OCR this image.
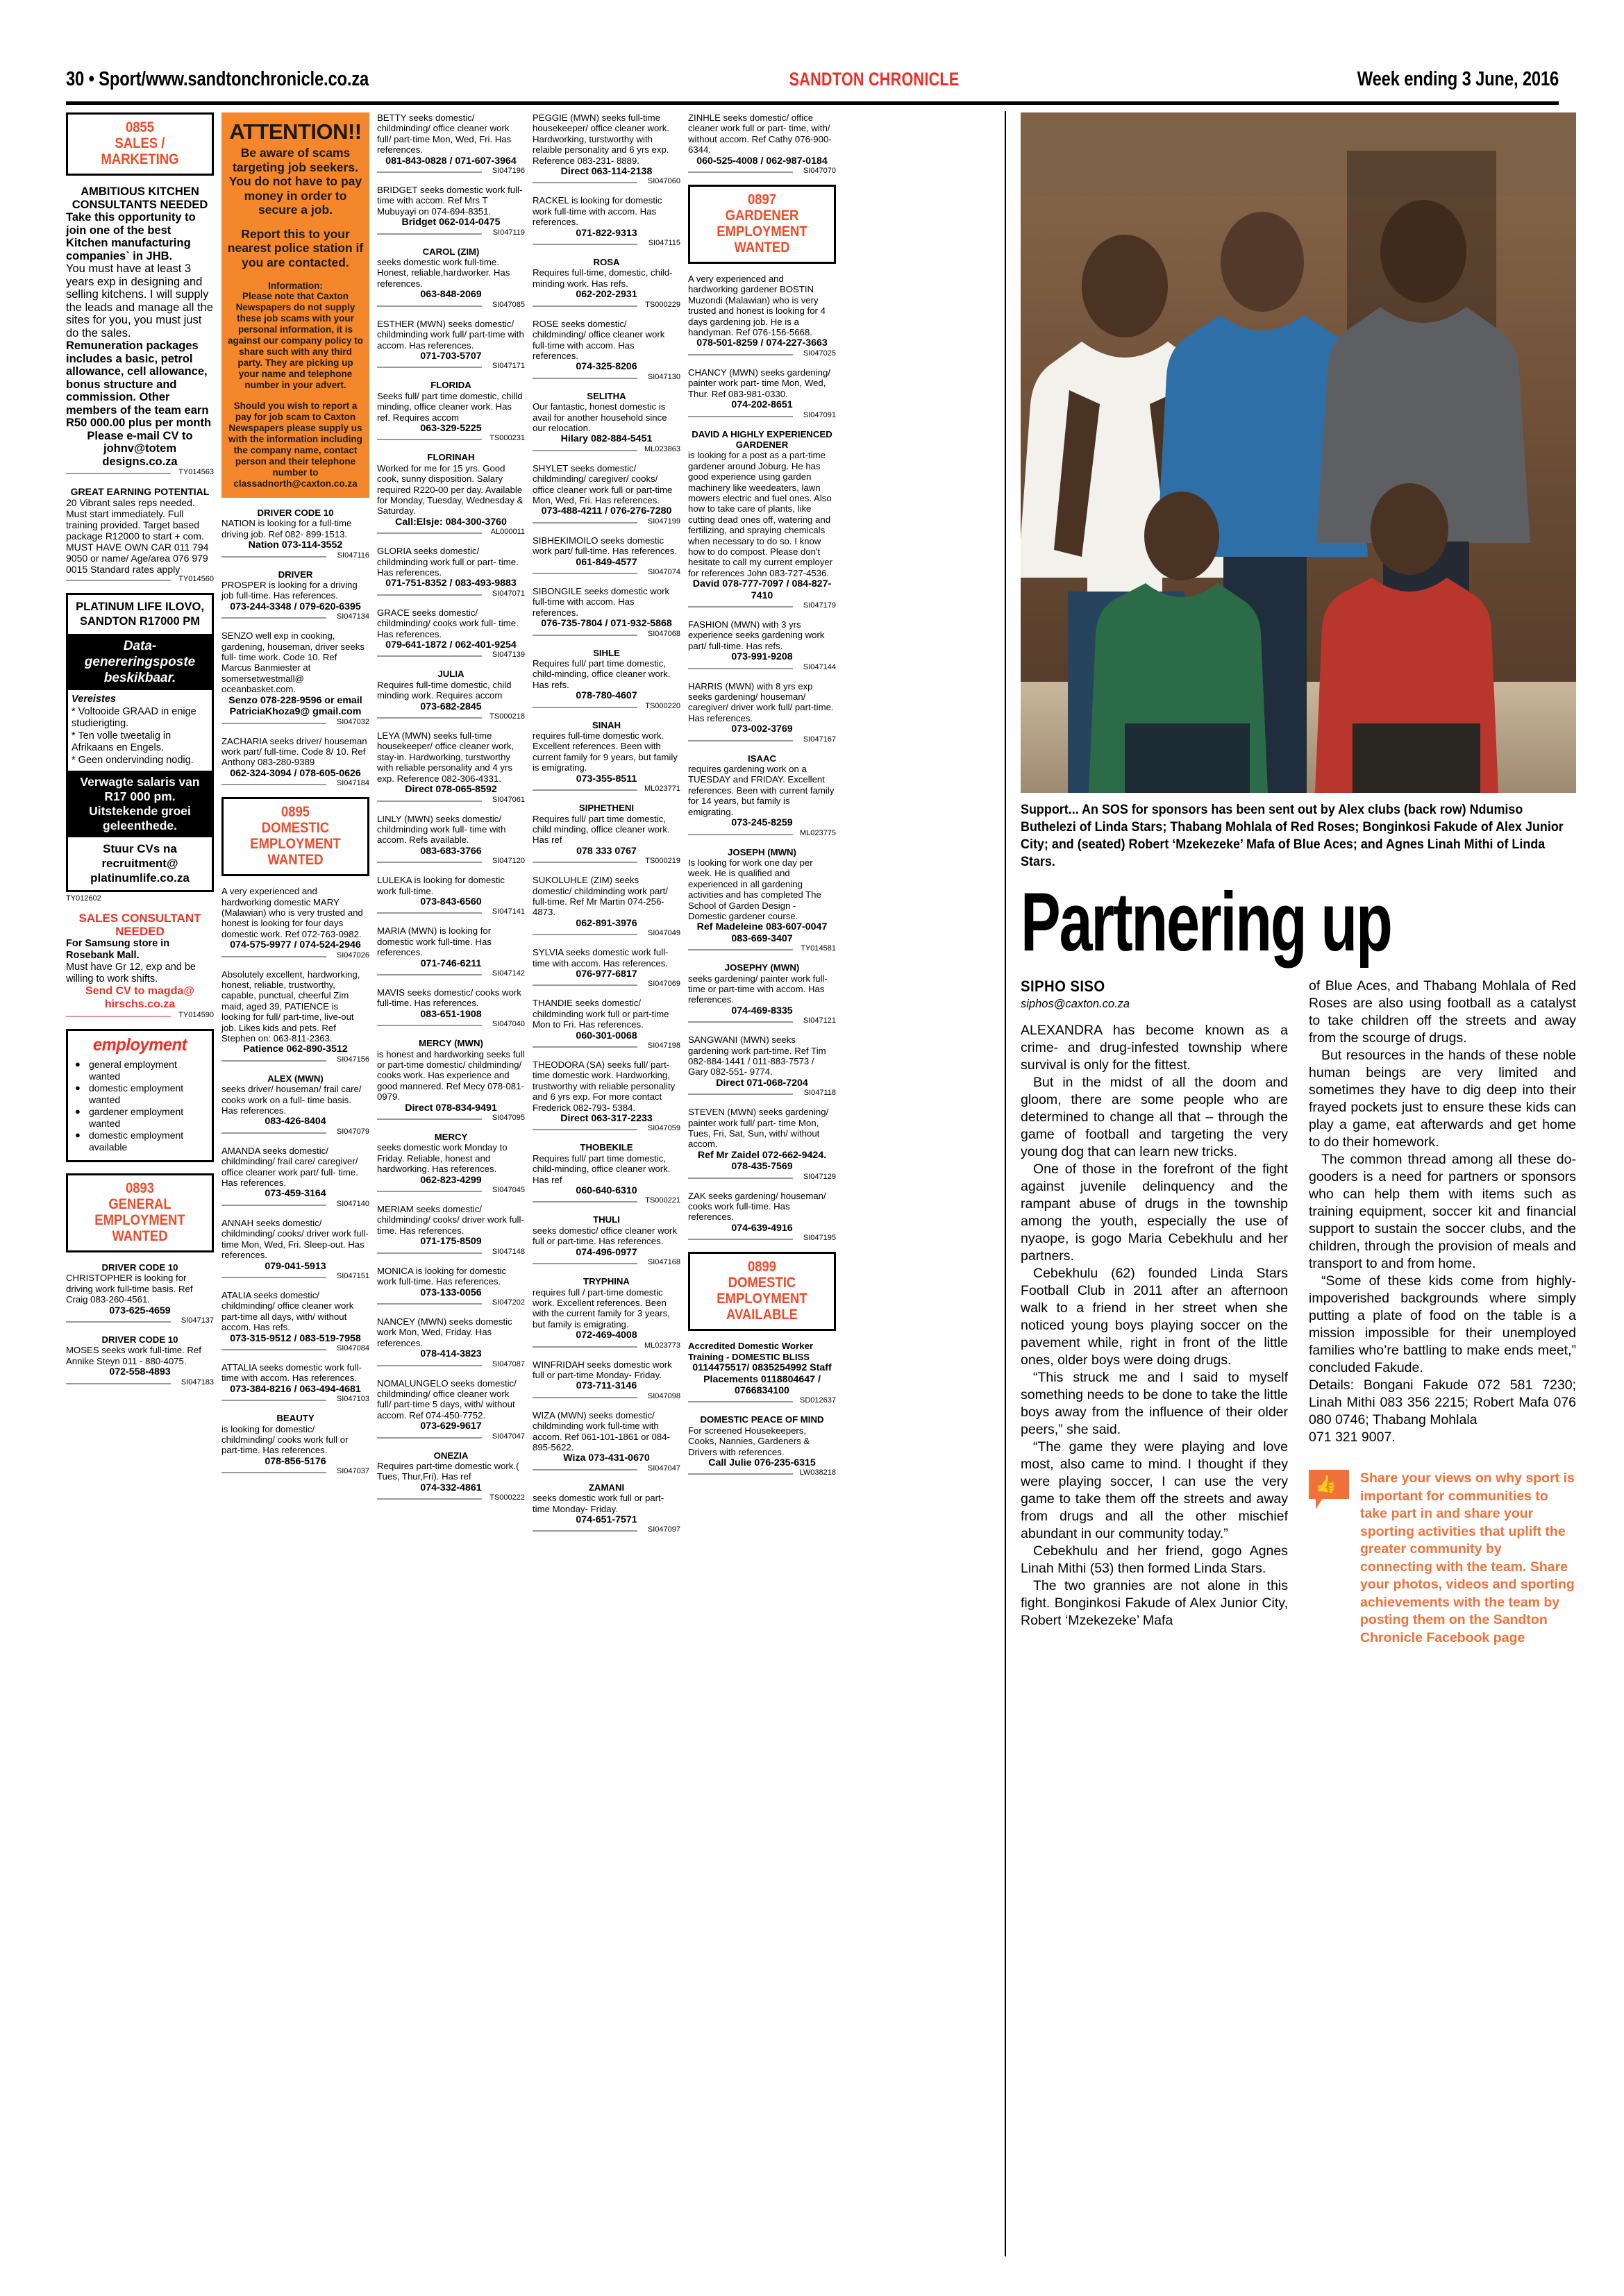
30 • Sport/www.sandtonchronicle.co.za	SANDTON CHRONICLE	Week ending 3 June, 2016
0855
SALES / MARKETING
AMBITIOUS KITCHEN CONSULTANTS NEEDED
Take this opportunity to join one of the best Kitchen manufacturing companies` in JHB.
You must have at least 3 years exp in designing and selling kitchens. I will supply the leads and manage all the sites for you, you must just do the sales.
Remuneration packages includes a basic, petrol allowance, cell allowance, bonus structure and commission. Other members of the team earn R50 000.00 plus per month
Please e-mail CV to johnv@totem designs.co.za
TY014563
GREAT EARNING POTENTIAL
20 Vibrant sales reps needed. Must start immediately. Full training provided. Target based package R12000 to start + com. MUST HAVE OWN CAR 011 794 9050 or name/ Age/area 076 979 0015 Standard rates apply
TY014560
PLATINUM LIFE ILOVO, SANDTON R17000 PM
Data-genereringsposte beskikbaar.
Vereistes
* Voltooide GRAAD in enige studierigting.
* Ten volle tweetalig in Afrikaans en Engels.
* Geen ondervinding nodig.
Verwagte salaris van R17 000 pm. Uitstekende groei geleenthede.
Stuur CVs na recruitment@ platinumlife.co.za
TY012602
SALES CONSULTANT NEEDED
For Samsung store in Rosebank Mall.
Must have Gr 12, exp and be willing to work shifts.
Send CV to magda@ hirschs.co.za
TY014590
employment
● general employment wanted
● domestic employment wanted
● gardener employment wanted
● domestic employment available
0893
GENERAL EMPLOYMENT WANTED
DRIVER CODE 10
CHRISTOPHER is looking for driving work full-time basis. Ref Craig 083-260-4561.
073-625-4659
SI047137
DRIVER CODE 10
MOSES seeks work full-time. Ref Annike Steyn 011 - 880-4075.
072-558-4893
SI047183
ATTENTION!!
Be aware of scams targeting job seekers. You do not have to pay money in order to secure a job.
Report this to your nearest police station if you are contacted.
Information:
Please note that Caxton Newspapers do not supply these job scams with your personal information, it is against our company policy to share such with any third party. They are picking up your name and telephone number in your advert.
Should you wish to report a pay for job scam to Caxton Newspapers please supply us with the information including the company name, contact person and their telephone number to classadnorth@caxton.co.za
DRIVER CODE 10
NATION is looking for a full-time driving job. Ref 082- 899-1513.
Nation 073-114-3552
SI047116
DRIVER
PROSPER is looking for a driving job full-time. Has references.
073-244-3348 / 079-620-6395
SI047134
SENZO well exp in cooking, gardening, houseman, driver seeks full- time work. Code 10. Ref Marcus Banmiester at somersetwestmall@ oceanbasket.com.
Senzo 078-228-9596 or email PatriciaKhoza9@ gmail.com
SI047032
ZACHARIA seeks driver/ houseman work part/ full-time. Code 8/ 10. Ref Anthony 083-280-9389
062-324-3094 / 078-605-0626
SI047184
0895
DOMESTIC EMPLOYMENT WANTED
A very experienced and hardworking domestic MARY (Malawian) who is very trusted and honest is looking for four days domestic work. Ref 072-763-0982.
074-575-9977 / 074-524-2946
SI047026
Absolutely excellent, hardworking, honest, reliable, trustworthy, capable, punctual, cheerful Zim maid, aged 39, PATIENCE is looking for full/ part-time, live-out job. Likes kids and pets. Ref Stephen on: 063-811-2363.
Patience 062-890-3512
SI047156
ALEX (MWN)
seeks driver/ houseman/ frail care/ cooks work on a full- time basis. Has references.
083-426-8404
SI047079
AMANDA seeks domestic/ childminding/ frail care/ caregiver/ office cleaner work part/ full- time. Has references.
073-459-3164
SI047140
ANNAH seeks domestic/ childminding/ cooks/ driver work full-time Mon, Wed, Fri. Sleep-out. Has references.
079-041-5913
SI047151
ATALIA seeks domestic/ childminding/ office cleaner work part-time all days, with/ without accom. Has refs.
073-315-9512 / 083-519-7958
SI047084
ATTALIA seeks domestic work full-time with accom. Has references.
073-384-8216 / 063-494-4681
SI047103
BEAUTY
is looking for domestic/ childminding/ cooks work full or part-time. Has references.
078-856-5176
SI047037
BETTY seeks domestic/ childminding/ office cleaner work full/ part-time Mon, Wed, Fri. Has references.
081-843-0828 / 071-607-3964
SI047196
BRIDGET seeks domestic work full-time with accom. Ref Mrs T Mubuyayi on 074-694-8351.
Bridget 062-014-0475
SI047119
CAROL (ZIM)
seeks domestic work full-time. Honest, reliable,hardworker. Has references.
063-848-2069
SI047085
ESTHER (MWN) seeks domestic/ childminding work full/ part-time with accom. Has references.
071-703-5707
SI047171
FLORIDA
Seeks full/ part time domestic, chilld minding, office cleaner work. Has ref. Requires accom
063-329-5225
TS000231
FLORINAH
Worked for me for 15 yrs. Good cook, sunny disposition. Salary required R220-00 per day. Available for Monday, Tuesday, Wednesday & Saturday.
Call:Elsje: 084-300-3760
AL000011
GLORIA seeks domestic/ childminding work full or part- time. Has references.
071-751-8352 / 083-493-9883
SI047071
GRACE seeks domestic/ childminding/ cooks work full- time. Has references.
079-641-1872 / 062-401-9254
SI047139
JULIA
Requires full-time domestic, child minding work. Requires accom
073-682-2845
TS000218
LEYA (MWN) seeks full-time housekeeper/ office cleaner work, stay-in. Hardworking, turstworthy with reliable personality and 4 yrs exp. Reference 082-306-4331.
Direct 078-065-8592
SI047061
LINLY (MWN) seeks domestic/ childminding work full- time with accom. Refs available.
083-683-3766
SI047120
LULEKA is looking for domestic work full-time.
073-843-6560
SI047141
MARIA (MWN) is looking for domestic work full-time. Has references.
071-746-6211
SI047142
MAVIS seeks domestic/ cooks work full-time. Has references.
083-651-1908
SI047040
MERCY (MWN)
is honest and hardworking seeks full or part-time domestic/ childminding/ cooks work. Has experience and good mannered. Ref Mecy 078-081-0979.
Direct 078-834-9491
SI047095
MERCY
seeks domestic work Monday to Friday. Reliable, honest and hardworking. Has references.
062-823-4299
SI047045
MERIAM seeks domestic/ childminding/ cooks/ driver work full-time. Has references.
071-175-8509
SI047148
MONICA is looking for domestic work full-time. Has references.
073-133-0056
SI047202
NANCEY (MWN) seeks domestic work Mon, Wed, Friday. Has references.
078-414-3823
SI047087
NOMALUNGELO seeks domestic/ childminding/ office cleaner work full/ part-time 5 days, with/ without accom. Ref 074-450-7752.
073-629-9617
SI047047
ONEZIA
Requires part-time domestic work.( Tues, Thur,Fri). Has ref
074-332-4861
TS000222
PEGGIE (MWN) seeks full-time housekeeper/ office cleaner work. Hardworking, turstworthy with relaible personality and 6 yrs exp. Reference 083-231- 8889.
Direct 063-114-2138
SI047060
RACKEL is looking for domestic work full-time with accom. Has references.
071-822-9313
SI047115
ROSA
Requires full-time, domestic, child-minding work. Has refs.
062-202-2931
TS000229
ROSE seeks domestic/ childminding/ office cleaner work full-time with accom. Has references.
074-325-8206
SI047130
SELITHA
Our fantastic, honest domestic is avail for another household since our relocation.
Hilary 082-884-5451
ML023863
SHYLET seeks domestic/ childminding/ caregiver/ cooks/ office cleaner work full or part-time Mon, Wed, Fri. Has references.
073-488-4211 / 076-276-7280
SI047199
SIBHEKIMOILO seeks domestic work part/ full-time. Has references.
061-849-4577
SI047074
SIBONGILE seeks domestic work full-time with accom. Has references.
076-735-7804 / 071-932-5868
SI047068
SIHLE
Requires full/ part time domestic, child-minding, office cleaner work. Has refs.
078-780-4607
TS000220
SINAH
requires full-time domestic work. Excellent references. Been with current family for 9 years, but family is emigrating.
073-355-8511
ML023771
SIPHETHENI
Requires full/ part time domestic, child minding, office cleaner work. Has ref
078 333 0767
TS000219
SUKOLUHLE (ZIM) seeks domestic/ childminding work part/ full-time. Ref Mr Martin 074-256-4873.
062-891-3976
SI047049
SYLVIA seeks domestic work full-time with accom. Has references.
076-977-6817
SI047069
THANDIE seeks domestic/ childminding work full or part-time Mon to Fri. Has references.
060-301-0068
SI047198
THEODORA (SA) seeks full/ part-time domestic work. Hardworking, trustworthy with reliable personality and 6 yrs exp. For more contact Frederick 082-793- 5384.
Direct 063-317-2233
SI047059
THOBEKILE
Requires full/ part time domestic, child-minding, office cleaner work. Has ref
060-640-6310
TS000221
THULI
seeks domestic/ office cleaner work full or part-time. Has references.
074-496-0977
SI047168
TRYPHINA
requires full / part-time domestic work. Excellent references. Been with the current family for 3 years, but family is emigrating.
072-469-4008
ML023773
WINFRIDAH seeks domestic work full or part-time Monday- Friday.
073-711-3146
SI047098
WIZA (MWN) seeks domestic/ childminding work full-time with accom. Ref 061-101-1861 or 084-895-5622.
Wiza 073-431-0670
SI047047
ZAMANI
seeks domestic work full or part-time Monday- Friday.
074-651-7571
SI047097
ZINHLE seeks domestic/ office cleaner work full or part- time, with/ without accom. Ref Cathy 076-900-6344.
060-525-4008 / 062-987-0184
SI047070
0897
GARDENER EMPLOYMENT WANTED
A very experienced and hardworking gardener BOSTIN Muzondi (Malawian) who is very trusted and honest is looking for 4 days gardening job. He is a handyman. Ref 076-156-5668.
078-501-8259 / 074-227-3663
SI047025
CHANCY (MWN) seeks gardening/ painter work part- time Mon, Wed, Thur. Ref 083-981-0330.
074-202-8651
SI047091
DAVID A HIGHLY EXPERIENCED GARDENER
is looking for a post as a part-time gardener around Joburg. He has good experience using garden machinery like weedeaters, lawn mowers electric and fuel ones. Also how to take care of plants, like cutting dead ones off, watering and fertilizing, and spraying chemicals when necessary to do so. I know how to do compost. Please don't hesitate to call my current employer for references John 083-727-4536.
David 078-777-7097 / 084-827-7410
SI047179
FASHION (MWN) with 3 yrs experience seeks gardening work part/ full-time. Has refs.
073-991-9208
SI047144
HARRIS (MWN) with 8 yrs exp seeks gardening/ houseman/ caregiver/ driver work full/ part-time. Has references.
073-002-3769
SI047167
ISAAC
requires gardening work on a TUESDAY and FRIDAY. Excellent references. Been with current family for 14 years, but family is emigrating.
073-245-8259
ML023775
JOSEPH (MWN)
Is looking for work one day per week. He is qualified and experienced in all gardening activities and has completed The School of Garden Design - Domestic gardener course.
Ref Madeleine 083-607-0047 083-669-3407
TY014581
JOSEPHY (MWN)
seeks gardening/ painter work full-time or part-time with accom. Has references.
074-469-8335
SI047121
SANGWANI (MWN) seeks gardening work part-time. Ref Tim 082-884-1441 / 011-883-7573 / Gary 082-551- 9774.
Direct 071-068-7204
SI047118
STEVEN (MWN) seeks gardening/ painter work full/ part- time Mon, Tues, Fri, Sat, Sun, with/ without accom.
Ref Mr Zaidel 072-662-9424. 078-435-7569
SI047129
ZAK seeks gardening/ houseman/ cooks work full-time. Has references.
074-639-4916
SI047195
0899
DOMESTIC EMPLOYMENT AVAILABLE
Accredited Domestic Worker Training - DOMESTIC BLISS
0114475517/ 0835254992 Staff Placements 0118804647 / 0766834100
SD012637
DOMESTIC PEACE OF MIND
For screened Housekeepers, Cooks, Nannies, Gardeners & Drivers with references.
Call Julie 076-235-6315
LW038218
Support... An SOS for sponsors has been sent out by Alex clubs (back row) Ndumiso Buthelezi of Linda Stars; Thabang Mohlala of Red Roses; Bonginkosi Fakude of Alex Junior City; and (seated) Robert ‘Mzekezeke’ Mafa of Blue Aces; and Agnes Linah Mithi of Linda Stars.
Partnering up
SIPHO SISO
siphos@caxton.co.za

ALEXANDRA has become known as a crime- and drug-infested township where survival is only for the fittest.

But in the midst of all the doom and gloom, there are some people who are determined to change all that – through the game of football and targeting the very young dog that can learn new tricks.

One of those in the forefront of the fight against juvenile delinquency and the rampant abuse of drugs in the township among the youth, especially the use of nyaope, is gogo Maria Cebekhulu and her partners.

Cebekhulu (62) founded Linda Stars Football Club in 2011 after an afternoon walk to a friend in her street when she noticed young boys playing soccer on the pavement while, right in front of the little ones, older boys were doing drugs.

“This struck me and I said to myself something needs to be done to take the little boys away from the influence of their older peers,” she said.

“The game they were playing and love most, also came to mind. I thought if they were playing soccer, I can use the very game to take them off the streets and away from drugs and all the other mischief abundant in our community today.”

Cebekhulu and her friend, gogo Agnes Linah Mithi (53) then formed Linda Stars.

The two grannies are not alone in this fight. Bonginkosi Fakude of Alex Junior City, Robert ‘Mzekezeke’ Mafa

of Blue Aces, and Thabang Mohlala of Red Roses are also using football as a catalyst to take children off the streets and away from the scourge of drugs.

But resources in the hands of these noble human beings are very limited and sometimes they have to dig deep into their frayed pockets just to ensure these kids can play a game, eat afterwards and get home to do their homework.

The common thread among all these do-gooders is a need for partners or sponsors who can help them with items such as training equipment, soccer kit and financial support to sustain the soccer clubs, and the children, through the provision of meals and transport to and from home.

“Some of these kids come from highly-impoverished backgrounds where simply putting a plate of food on the table is a mission impossible for their unemployed families who’re battling to make ends meet,” concluded Fakude.

Details: Bongani Fakude 072 581 7230; Linah Mithi 083 356 2215; Robert Mafa 076 080 0746; Thabang Mohlala

071 321 9007.

👍 Share your views on why sport is important for communities to take part in and share your sporting activities that uplift the greater community by connecting with the team. Share your photos, videos and sporting achievements with the team by posting them on the Sandton Chronicle Facebook page
